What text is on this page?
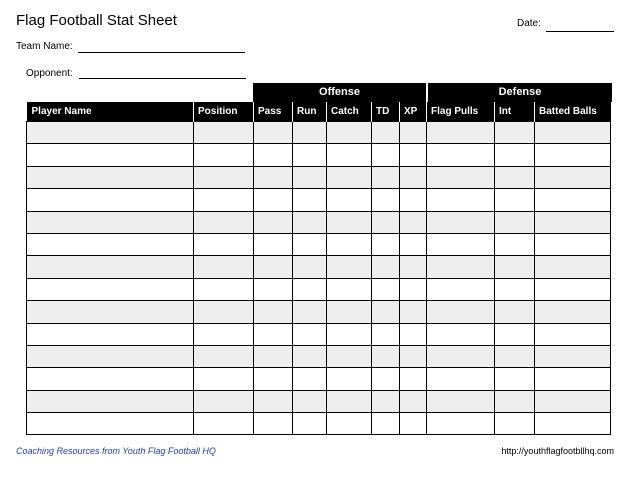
Flag Football Stat Sheet	Date:
Team Name:
Opponent:
Offense	Defense
Player Name	Position	Pass	Run	Catch	TD	XP	Flag Pulls	Int	Batted Balls

Coaching Resources from Youth Flag Football HQ	http://youthflagfootbllhq.com
